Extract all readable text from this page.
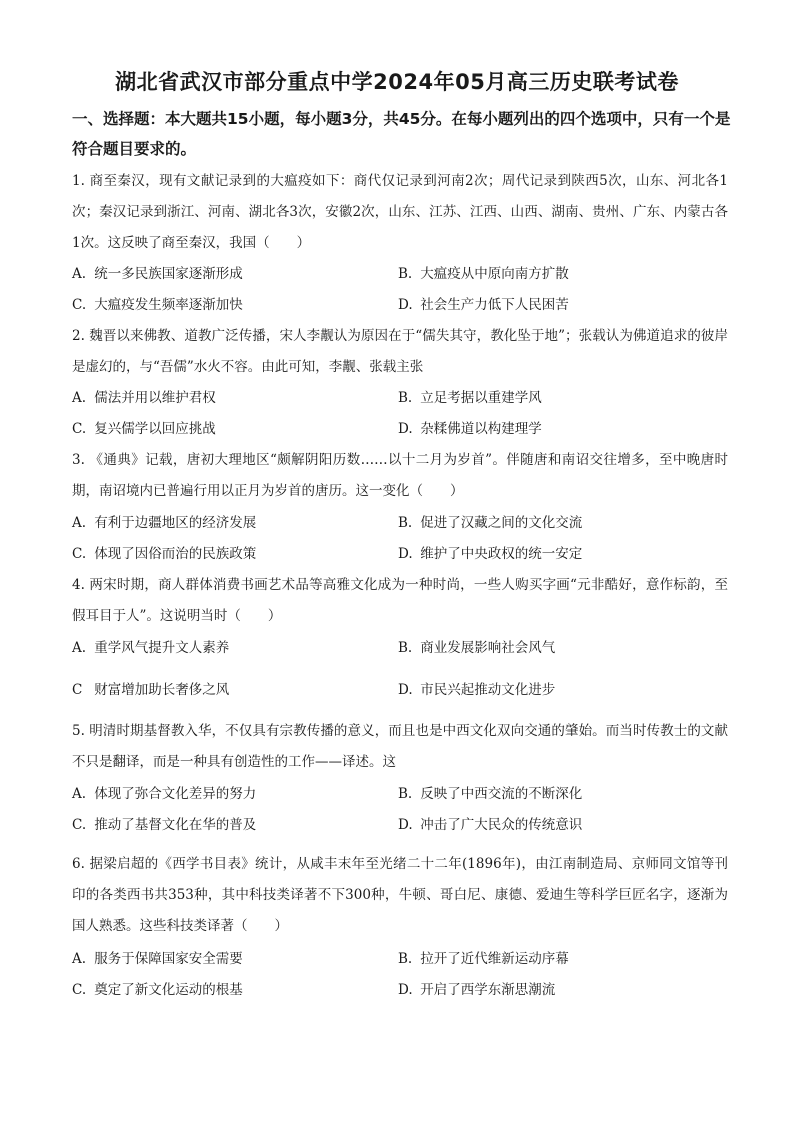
湖北省武汉市部分重点中学2024年05月高三历史联考试卷
一、选择题：本大题共15小题，每小题3分，共45分。在每小题列出的四个选项中，只有一个是符合题目要求的。
1. 商至秦汉，现有文献记录到的大瘟疫如下：商代仅记录到河南2次；周代记录到陕西5次，山东、河北各1次；秦汉记录到浙江、河南、湖北各3次，安徽2次，山东、江苏、江西、山西、湖南、贵州、广东、内蒙古各1次。这反映了商至秦汉，我国（　　）
A. 统一多民族国家逐渐形成	B. 大瘟疫从中原向南方扩散
C. 大瘟疫发生频率逐渐加快	D. 社会生产力低下人民困苦
2. 魏晋以来佛教、道教广泛传播，宋人李觏认为原因在于“儒失其守，教化坠于地”；张载认为佛道追求的彼岸是虚幻的，与“吾儒”水火不容。由此可知，李觏、张载主张
A. 儒法并用以维护君权	B. 立足考据以重建学风
C. 复兴儒学以回应挑战	D. 杂糅佛道以构建理学
3. 《通典》记载，唐初大理地区“颇解阴阳历数……以十二月为岁首”。伴随唐和南诏交往增多，至中晚唐时期，南诏境内已普遍行用以正月为岁首的唐历。这一变化（　　）
A. 有利于边疆地区的经济发展	B. 促进了汉藏之间的文化交流
C. 体现了因俗而治的民族政策	D. 维护了中央政权的统一安定
4. 两宋时期，商人群体消费书画艺术品等高雅文化成为一种时尚，一些人购买字画“元非酷好，意作标韵，至假耳目于人”。这说明当时（　　）
A. 重学风气提升文人素养	B. 商业发展影响社会风气
C 财富增加助长奢侈之风	D. 市民兴起推动文化进步
5. 明清时期基督教入华，不仅具有宗教传播的意义，而且也是中西文化双向交通的肇始。而当时传教士的文献不只是翻译，而是一种具有创造性的工作——译述。这
A. 体现了弥合文化差异的努力	B. 反映了中西交流的不断深化
C. 推动了基督文化在华的普及	D. 冲击了广大民众的传统意识
6. 据梁启超的《西学书目表》统计，从咸丰末年至光绪二十二年(1896年)，由江南制造局、京师同文馆等刊印的各类西书共353种，其中科技类译著不下300种，牛顿、哥白尼、康德、爱迪生等科学巨匠名字，逐渐为国人熟悉。这些科技类译著（　　）
A. 服务于保障国家安全需要	B. 拉开了近代维新运动序幕
C. 奠定了新文化运动的根基	D. 开启了西学东渐思潮流
